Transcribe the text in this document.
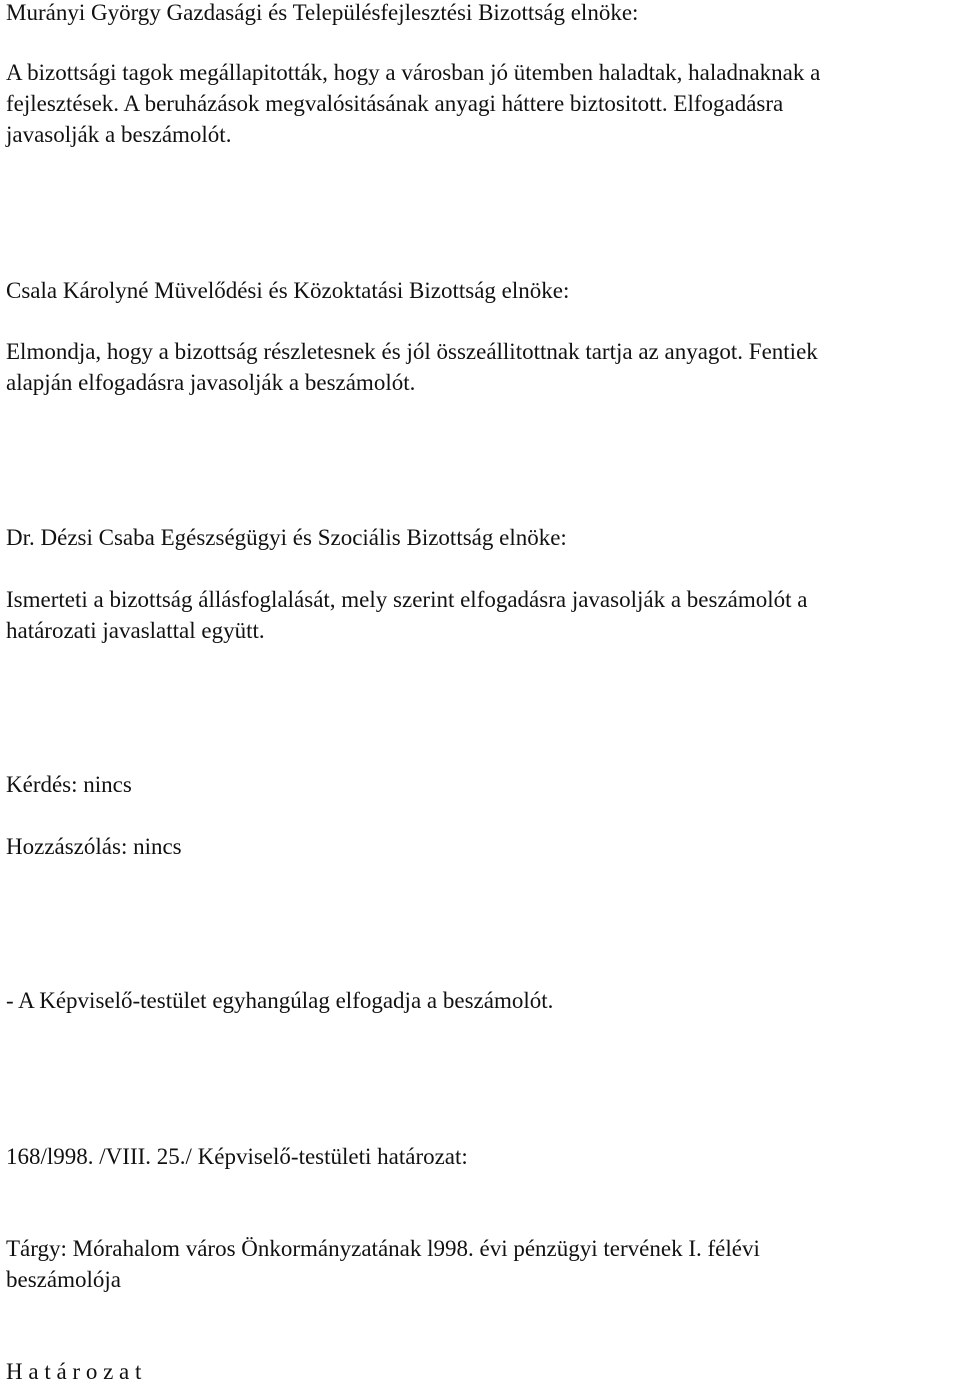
Murányi György Gazdasági és Településfejlesztési Bizottság elnöke:

A bizottsági tagok megállapitották, hogy a városban jó ütemben haladtak, haladnaknak a
fejlesztések. A beruházások megvalósitásának anyagi háttere biztositott. Elfogadásra
javasolják a beszámolót.

Csala Károlyné Müvelődési és Közoktatási Bizottság elnöke:

Elmondja, hogy a bizottság részletesnek és jól összeállitottnak tartja az anyagot. Fentiek
alapján elfogadásra javasolják a beszámolót.

Dr. Dézsi Csaba Egészségügyi és Szociális Bizottság elnöke:

Ismerteti a bizottság állásfoglalását, mely szerint elfogadásra javasolják a beszámolót a
határozati javaslattal együtt.

Kérdés: nincs

Hozzászólás: nincs

- A Képviselő-testület egyhangúlag elfogadja a beszámolót.

168/l998. /VIII. 25./ Képviselő-testületi határozat:

Tárgy: Mórahalom város Önkormányzatának l998. évi pénzügyi tervének I. félévi
beszámolója

H a t á r o z a t
